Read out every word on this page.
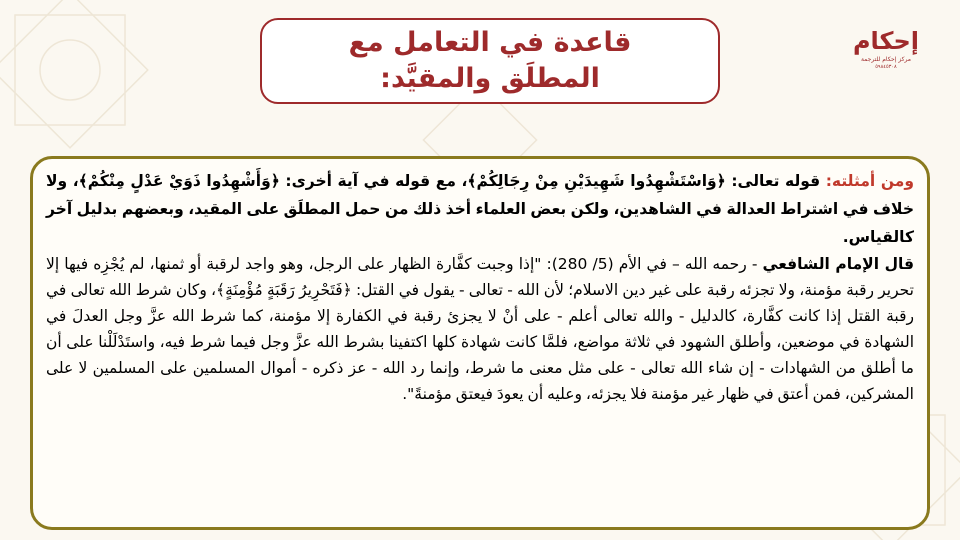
قاعدة في التعامل مع
المطلَق والمقيَّد:
إحكام
مركز إحكام للترجمة
٥٩٨٤٥٣٠٨

ومن أمثلته: قوله تعالى: ﴿وَاسْتَشْهِدُوا شَهِيدَيْنِ مِنْ رِجَالِكُمْ﴾، مع قوله في آية أخرى: ﴿وَأَشْهِدُوا ذَوَيْ عَدْلٍ مِنْكُمْ﴾، ولا خلاف في اشتراط العدالة في الشاهدين، ولكن بعض العلماء أخذ ذلك من حمل المطلَق على المقيد، وبعضهم بدليل آخر كالقياس.

قال الإمام الشافعي - رحمه الله – في الأم (5/ 280): "إذا وجبت كفَّارة الظهار على الرجل، وهو واجد لرقبة أو ثمنها، لم يُجْزِه فيها إلا تحرير رقبة مؤمنة، ولا تجزئه رقبة على غير دين الاسلام؛ لأن الله - تعالى - يقول في القتل: ﴿فَتَحْرِيرُ رَقَبَةٍ مُؤْمِنَةٍ﴾، وكان شرط الله تعالى في رقبة القتل إذا كانت كفَّارة، كالدليل - والله تعالى أعلم - على أنْ لا يجزئ رقبة في الكفارة إلا مؤمنة، كما شرط الله عزَّ وجل العدلَ في الشهادة في موضعين، وأطلق الشهود في ثلاثة مواضع، فلمَّا كانت شهادة كلها اكتفينا بشرط الله عزَّ وجل فيما شرط فيه، واستَدْلَلْنا على أن ما أطلق من الشهادات - إن شاء الله تعالى - على مثل معنى ما شرط، وإنما رد الله - عز ذكره - أموال المسلمين على المسلمين لا على المشركين، فمن أعتق في ظهار غير مؤمنة فلا يجزئه، وعليه أن يعودَ فيعتق مؤمنةً".
